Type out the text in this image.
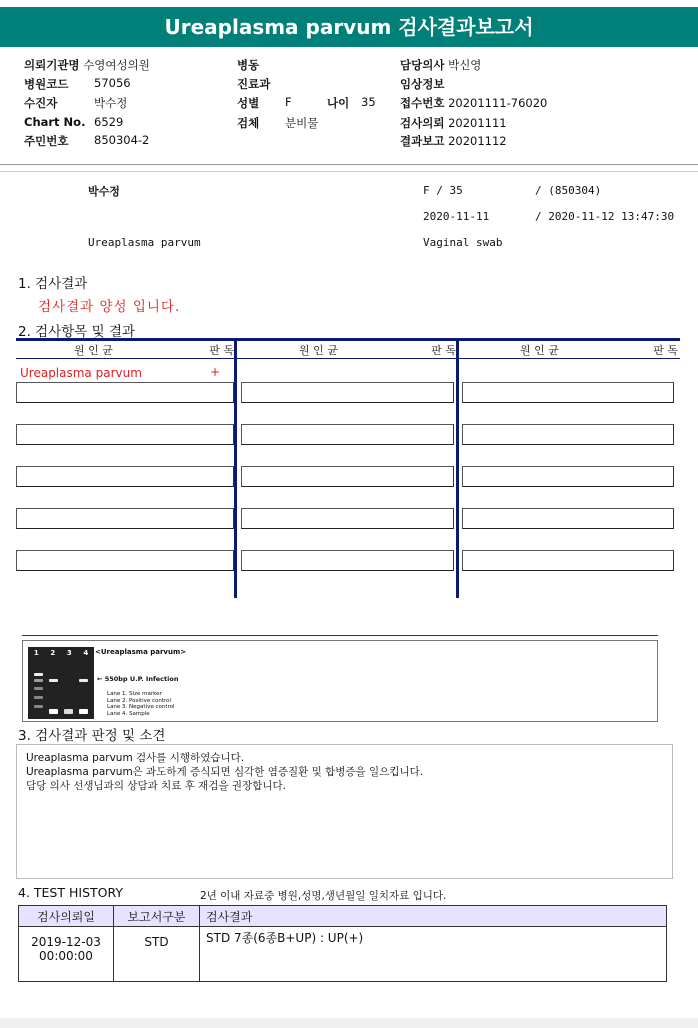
Ureaplasma parvum 검사결과보고서
의뢰기관명 수영여성의원
병원코드 57056
수진자	박수정
Chart No. 6529
주민번호 850304-2
병동
진료과
성별 F	나이 35
검체 분비물
담당의사 박신영
임상정보
접수번호 20201111-76020
검사의뢰 20201111
결과보고 20201112
박수정	F / 35	/ (850304)
2020-11-11	/ 2020-11-12 13:47:30
Ureaplasma parvum	Vaginal swab
1. 검사결과
검사결과 양성 입니다.
2. 검사항목 및 결과
원 인 균	판 독	원 인 균	판 독	원 인 균	판 독
Ureaplasma parvum	+
1 2 3 4 <Ureaplasma parvum>
← 550bp U.P. Infection
Lane 1. Size marker
Lane 2. Positive control
Lane 3. Negative control
Lane 4. Sample
3. 검사결과 판정 및 소견
Ureaplasma parvum 검사를 시행하였습니다.
Ureaplasma parvum은 과도하게 증식되면 심각한 염증질환 및 합병증을 일으킵니다.
담당 의사 선생님과의 상담과 치료 후 재검을 권장합니다.
4. TEST HISTORY	2년 이내 자료중 병원,성명,생년월일 일치자료 입니다.
검사의뢰일	보고서구분	검사결과

2019-12-03
00:00:00	STD	STD 7종(6종B+UP) : UP(+)
